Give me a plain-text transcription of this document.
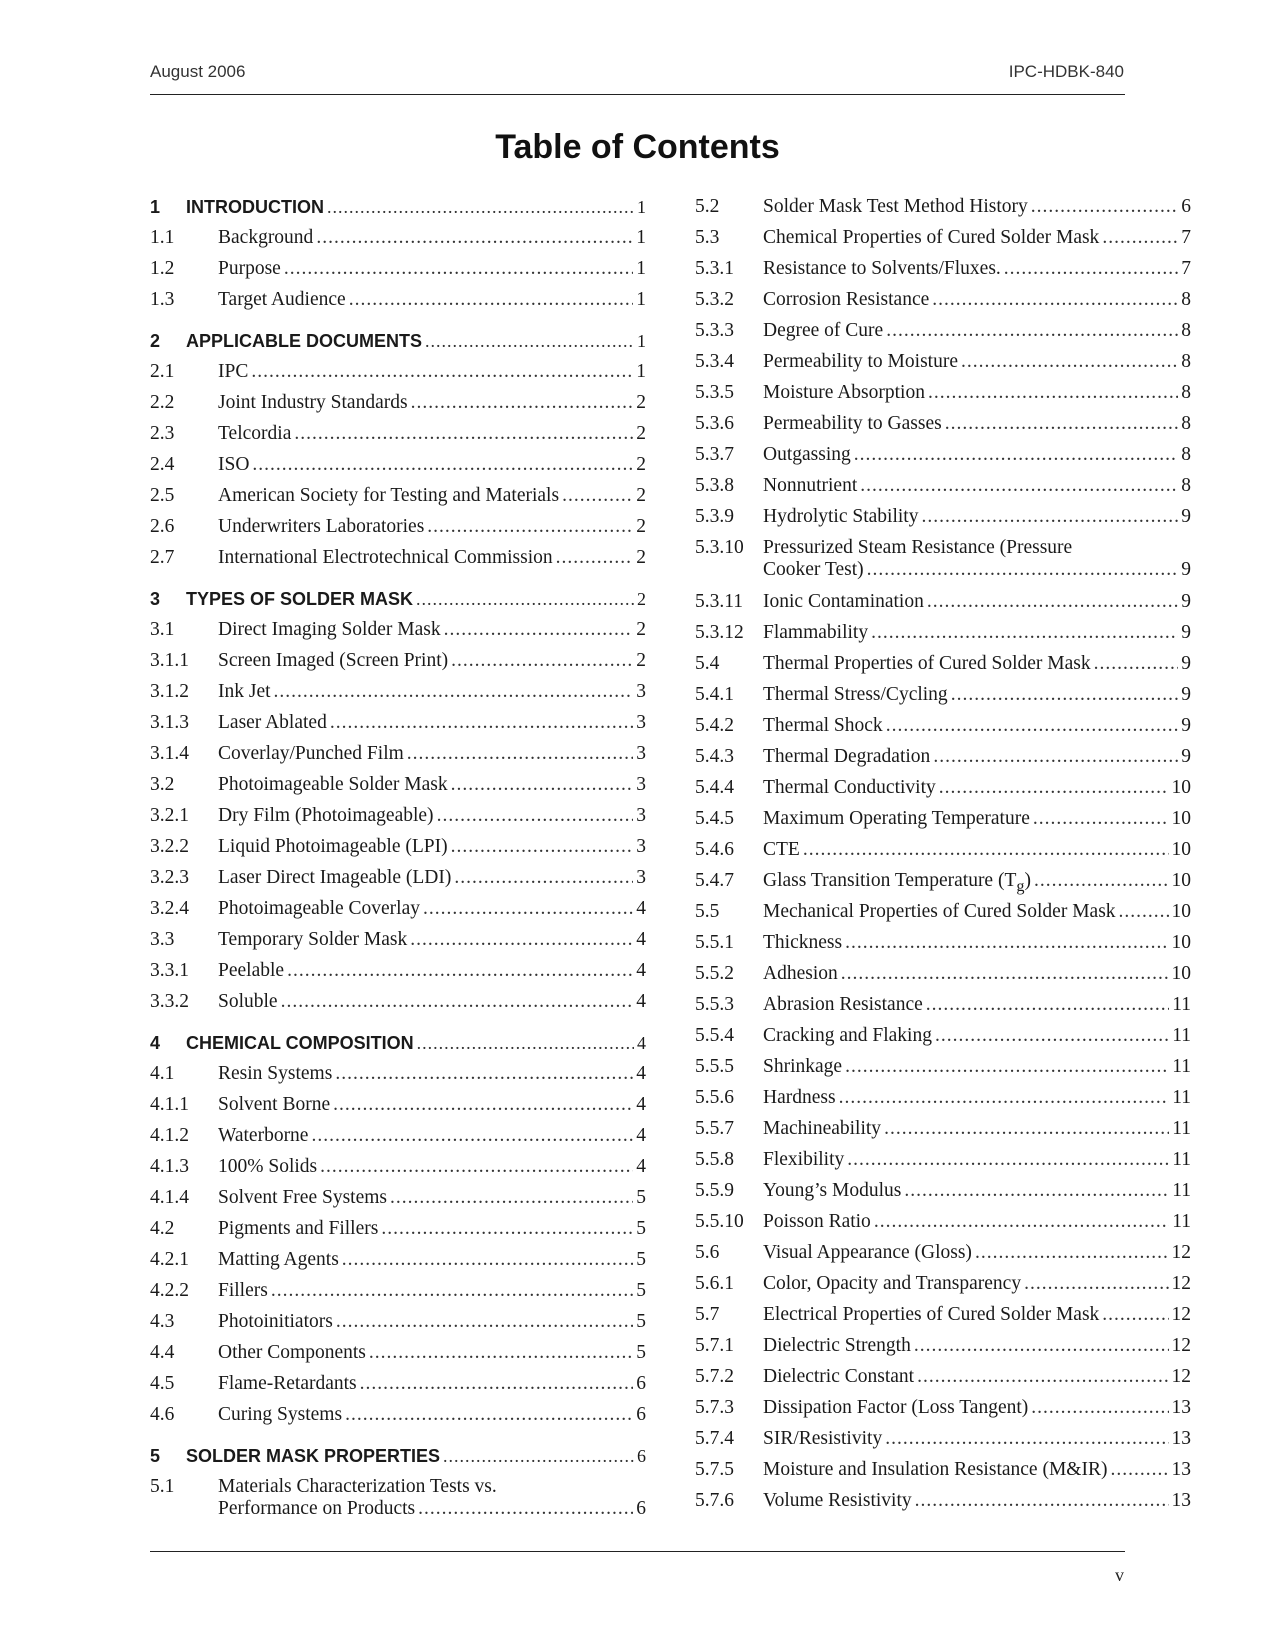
August 2006	IPC-HDBK-840
Table of Contents
1	INTRODUCTION .....	1
1.1	Background .....	1
1.2	Purpose .....	1
1.3	Target Audience .....	1
2	APPLICABLE DOCUMENTS .....	1
2.1	IPC .....	1
2.2	Joint Industry Standards .....	2
2.3	Telcordia .....	2
2.4	ISO .....	2
2.5	American Society for Testing and Materials .....	2
2.6	Underwriters Laboratories .....	2
2.7	International Electrotechnical Commission .....	2
3	TYPES OF SOLDER MASK .....	2
3.1	Direct Imaging Solder Mask .....	2
3.1.1	Screen Imaged (Screen Print) .....	2
3.1.2	Ink Jet .....	3
3.1.3	Laser Ablated .....	3
3.1.4	Coverlay/Punched Film .....	3
3.2	Photoimageable Solder Mask .....	3
3.2.1	Dry Film (Photoimageable) .....	3
3.2.2	Liquid Photoimageable (LPI) .....	3
3.2.3	Laser Direct Imageable (LDI) .....	3
3.2.4	Photoimageable Coverlay .....	4
3.3	Temporary Solder Mask .....	4
3.3.1	Peelable .....	4
3.3.2	Soluble .....	4
4	CHEMICAL COMPOSITION .....	4
4.1	Resin Systems .....	4
4.1.1	Solvent Borne .....	4
4.1.2	Waterborne .....	4
4.1.3	100% Solids .....	4
4.1.4	Solvent Free Systems .....	5
4.2	Pigments and Fillers .....	5
4.2.1	Matting Agents .....	5
4.2.2	Fillers .....	5
4.3	Photoinitiators .....	5
4.4	Other Components .....	5
4.5	Flame-Retardants .....	6
4.6	Curing Systems .....	6
5	SOLDER MASK PROPERTIES .....	6
5.1	Materials Characterization Tests vs.
Performance on Products .....	6
5.2	Solder Mask Test Method History .....	6
5.3	Chemical Properties of Cured Solder Mask .....	7
5.3.1	Resistance to Solvents/Fluxes. .....	7
5.3.2	Corrosion Resistance .....	8
5.3.3	Degree of Cure .....	8
5.3.4	Permeability to Moisture .....	8
5.3.5	Moisture Absorption .....	8
5.3.6	Permeability to Gasses .....	8
5.3.7	Outgassing .....	8
5.3.8	Nonnutrient .....	8
5.3.9	Hydrolytic Stability .....	9
5.3.10 Pressurized Steam Resistance (Pressure
Cooker Test) .....	9
5.3.11	Ionic Contamination .....	9
5.3.12 Flammability .....	9
5.4	Thermal Properties of Cured Solder Mask .....	9
5.4.1	Thermal Stress/Cycling .....	9
5.4.2	Thermal Shock .....	9
5.4.3	Thermal Degradation .....	9
5.4.4	Thermal Conductivity .....	10
5.4.5	Maximum Operating Temperature .....	10
5.4.6	CTE .....	10
5.4.7	Glass Transition Temperature $(T_g)$ .....	10
5.5	Mechanical Properties of Cured Solder Mask .....	10
5.5.1	Thickness .....	10
5.5.2	Adhesion .....	10
5.5.3	Abrasion Resistance .....	11
5.5.4	Cracking and Flaking .....	11
5.5.5	Shrinkage .....	11
5.5.6	Hardness .....	11
5.5.7	Machineability .....	11
5.5.8	Flexibility .....	11
5.5.9	Young’s Modulus .....	11
5.5.10 Poisson Ratio .....	11
5.6	Visual Appearance (Gloss) .....	12
5.6.1	Color, Opacity and Transparency .....	12
5.7	Electrical Properties of Cured Solder Mask .....	12
5.7.1	Dielectric Strength .....	12
5.7.2	Dielectric Constant .....	12
5.7.3	Dissipation Factor (Loss Tangent) .....	13
5.7.4	SIR/Resistivity .....	13
5.7.5	Moisture and Insulation Resistance (M&IR) .....	13
5.7.6	Volume Resistivity .....	13
v
